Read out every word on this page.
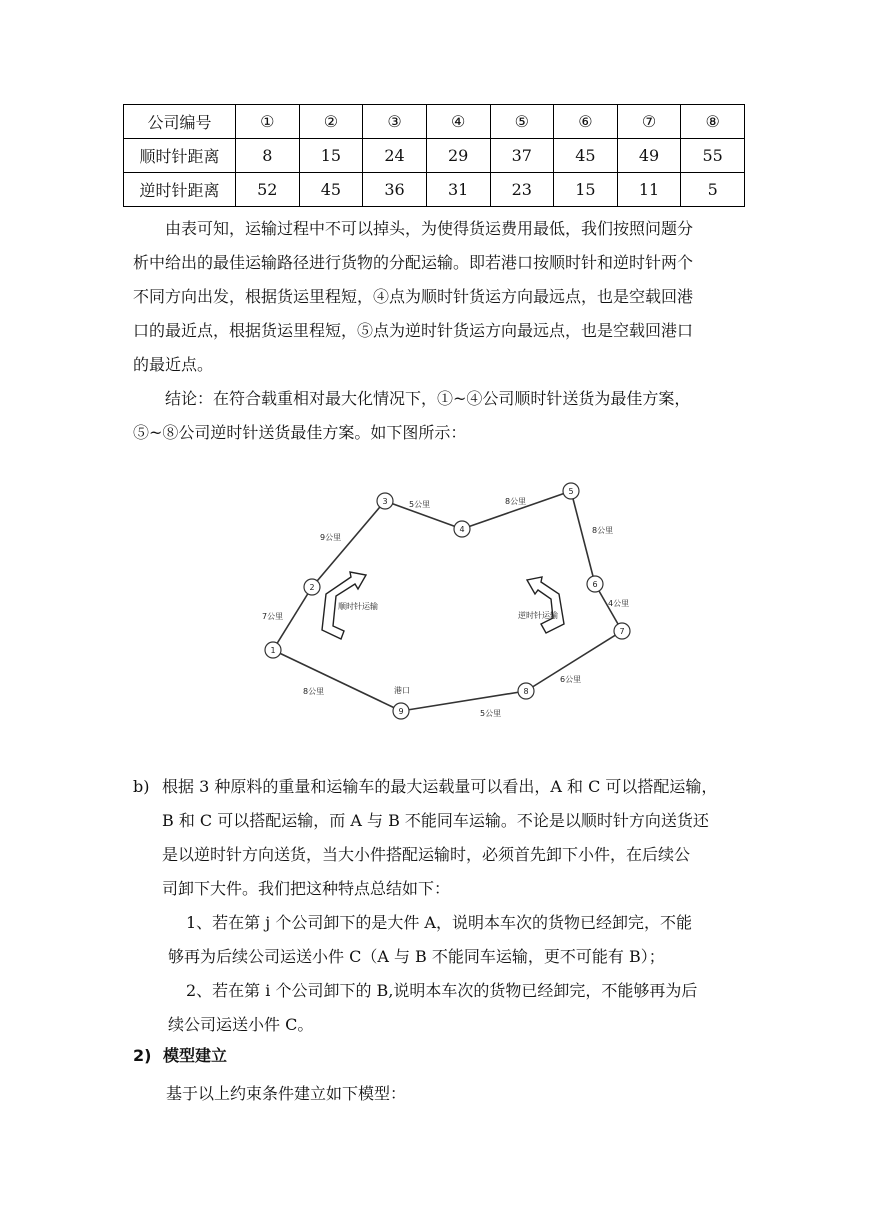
公司编号	①	②	③	④	⑤	⑥	⑦	⑧
顺时针距离	8	15	24	29	37	45	49	55
逆时针距离	52	45	36	31	23	15	11	5
由表可知，运输过程中不可以掉头，为使得货运费用最低，我们按照问题分
析中给出的最佳运输路径进行货物的分配运输。即若港口按顺时针和逆时针两个
不同方向出发，根据货运里程短，④点为顺时针货运方向最远点，也是空载回港
口的最近点，根据货运里程短，⑤点为逆时针货运方向最远点，也是空载回港口
的最近点。
结论：在符合载重相对最大化情况下，①~④公司顺时针送货为最佳方案，
⑤~⑧公司逆时针送货最佳方案。如下图所示：
7公里
9公里
5公里	8公里
8公里
4公里
6公里
5公里
8公里	港口
顺时针运输
逆时针运输
1
2
3
4
5
6
7
8
9
b) 根据 3 种原料的重量和运输车的最大运载量可以看出，A 和 C 可以搭配运输，
B 和 C 可以搭配运输，而 A 与 B 不能同车运输。不论是以顺时针方向送货还
是以逆时针方向送货，当大小件搭配运输时，必须首先卸下小件，在后续公
司卸下大件。我们把这种特点总结如下：
1、若在第 j 个公司卸下的是大件 A，说明本车次的货物已经卸完，不能
够再为后续公司运送小件 C（A 与 B 不能同车运输，更不可能有 B）；
2、若在第 i 个公司卸下的 B,说明本车次的货物已经卸完，不能够再为后
续公司运送小件 C。
2) 模型建立
基于以上约束条件建立如下模型：
